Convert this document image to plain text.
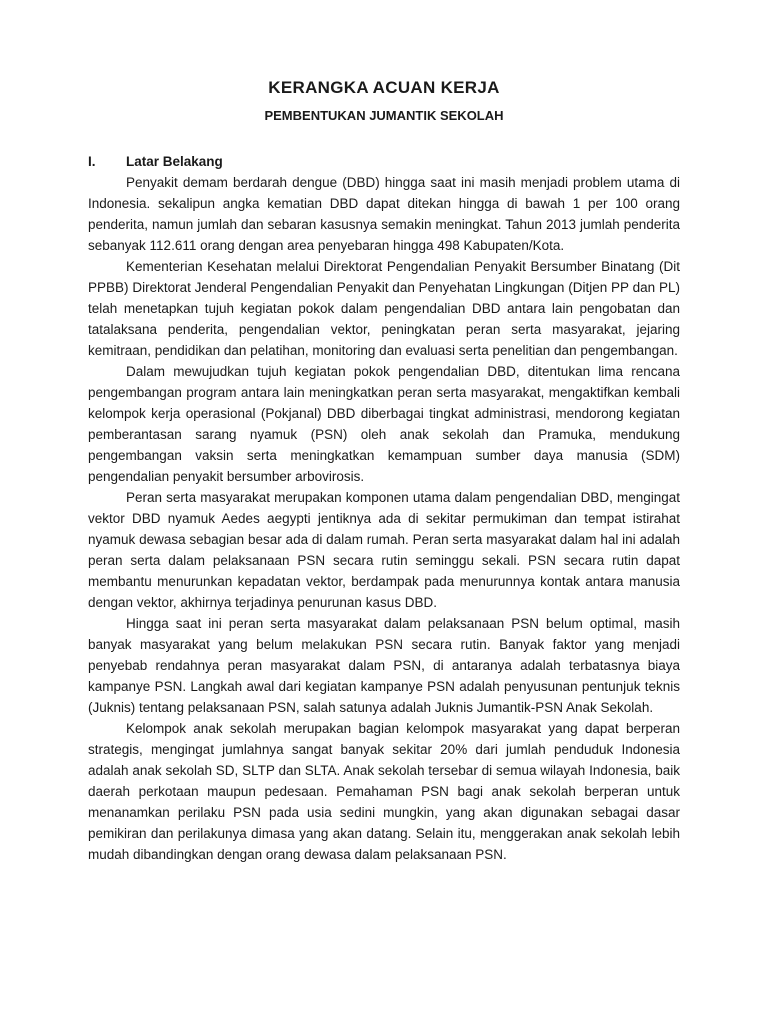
KERANGKA ACUAN KERJA
PEMBENTUKAN JUMANTIK SEKOLAH
I.	Latar Belakang

Penyakit demam berdarah dengue (DBD) hingga saat ini masih menjadi problem utama di Indonesia. sekalipun angka kematian DBD dapat ditekan hingga di bawah 1 per 100 orang penderita, namun jumlah dan sebaran kasusnya semakin meningkat. Tahun 2013 jumlah penderita sebanyak 112.611 orang dengan area penyebaran hingga 498 Kabupaten/Kota.

Kementerian Kesehatan melalui Direktorat Pengendalian Penyakit Bersumber Binatang (Dit PPBB) Direktorat Jenderal Pengendalian Penyakit dan Penyehatan Lingkungan (Ditjen PP dan PL) telah menetapkan tujuh kegiatan pokok dalam pengendalian DBD antara lain pengobatan dan tatalaksana penderita, pengendalian vektor, peningkatan peran serta masyarakat, jejaring kemitraan, pendidikan dan pelatihan, monitoring dan evaluasi serta penelitian dan pengembangan.

Dalam mewujudkan tujuh kegiatan pokok pengendalian DBD, ditentukan lima rencana pengembangan program antara lain meningkatkan peran serta masyarakat, mengaktifkan kembali kelompok kerja operasional (Pokjanal) DBD diberbagai tingkat administrasi, mendorong kegiatan pemberantasan sarang nyamuk (PSN) oleh anak sekolah dan Pramuka, mendukung pengembangan vaksin serta meningkatkan kemampuan sumber daya manusia (SDM) pengendalian penyakit bersumber arbovirosis.

Peran serta masyarakat merupakan komponen utama dalam pengendalian DBD, mengingat vektor DBD nyamuk Aedes aegypti jentiknya ada di sekitar permukiman dan tempat istirahat nyamuk dewasa sebagian besar ada di dalam rumah. Peran serta masyarakat dalam hal ini adalah peran serta dalam pelaksanaan PSN secara rutin seminggu sekali. PSN secara rutin dapat membantu menurunkan kepadatan vektor, berdampak pada menurunnya kontak antara manusia dengan vektor, akhirnya terjadinya penurunan kasus DBD.

Hingga saat ini peran serta masyarakat dalam pelaksanaan PSN belum optimal, masih banyak masyarakat yang belum melakukan PSN secara rutin. Banyak faktor yang menjadi penyebab rendahnya peran masyarakat dalam PSN, di antaranya adalah terbatasnya biaya kampanye PSN. Langkah awal dari kegiatan kampanye PSN adalah penyusunan pentunjuk teknis (Juknis) tentang pelaksanaan PSN, salah satunya adalah Juknis Jumantik-PSN Anak Sekolah.

Kelompok anak sekolah merupakan bagian kelompok masyarakat yang dapat berperan strategis, mengingat jumlahnya sangat banyak sekitar 20% dari jumlah penduduk Indonesia adalah anak sekolah SD, SLTP dan SLTA. Anak sekolah tersebar di semua wilayah Indonesia, baik daerah perkotaan maupun pedesaan. Pemahaman PSN bagi anak sekolah berperan untuk menanamkan perilaku PSN pada usia sedini mungkin, yang akan digunakan sebagai dasar pemikiran dan perilakunya dimasa yang akan datang. Selain itu, menggerakan anak sekolah lebih mudah dibandingkan dengan orang dewasa dalam pelaksanaan PSN.
